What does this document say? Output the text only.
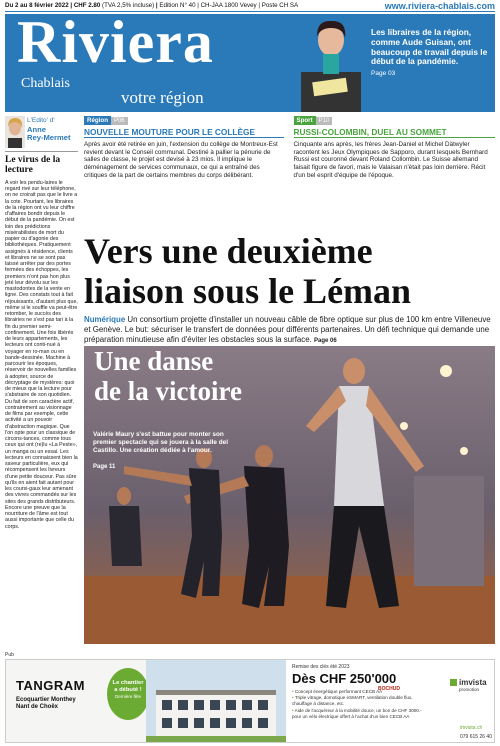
Du 2 au 8 février 2022 | CHF 2.80 (TVA 2,5% incluse) | Edition N° 40 | CH-JAA 1800 Vevey | Poste CH SA	www.riviera-chablais.com
Riviera
Chablais
votre région
Les libraires de la région, comme Aude Guisan, ont beaucoup de travail depuis le début de la pandémie.
Page 03
L'Edito' d'
Anne
Rey-Mermet
Le virus de la lecture
A voir les pendu-laires le regard rivé sur leur téléphone, on ne croirait pas que le livre a la cote. Pourtant, les libraires de la région ont vu leur chiffre d'affaires bondir depuis le début de la pandémie. On est loin des prédictions misérabilistes de mort du papier ou d'agonie des bibliothèques. Pratiquement assignés à résidence, clients et libraires ne se sont pas laissé arrêter par des portes fermées des échoppes, les premiers n'ont pas hon plus jeté leur dévolu sur les mastodontes de la vente en ligne. Des constats tout à fait réjouissants, d'autant plus que, même si le souffle va peut-être retomber, le succès des librairies ne s'est pas tari à la fin du premier semi-confinement. Une fois libérés de leurs appartements, les lecteurs ont conti-nué à voyager en ro-man ou en bande-dessinée. Machine à parcourir les époques, réservoir de nouvelles familles à adopter, source de décryptage de mystères: quoi de mieux que la lecture pour s'abstraire de son quotidien. Du fait de son caractère actif, contrairement au visionnage de films par exemple, cette activité a un pouvoir d'abstraction magique. Que l'on opte pour un classique de circons-tances, comme tous ceux qui ont (re)lu «La Peste», un manga ou un essai. Les lecteurs en connaissent bien la saveur particulière, eux qui récompensent les livreurs d'une petite douceur. Pas sûre qu'ils en aient fait autant pour les coursi-gaux leur amenant des vivres commandés sur les sites des grands distributeurs. Encore une preuve que la nourriture de l'âme est tout aussi importante que celle du corps.
Région	P06
NOUVELLE MOUTURE POUR LE COLLÈGE
Après avoir été retirée en juin, l'extension du collège de Montreux-Est revient devant le Conseil communal. Destiné à pallier la pénurie de salles de classe, le projet est devisé à 23 mios. Il implique le déménagement de services communaux, ce qui a entraîné des critiques de la part de certains membres du corps délibérant.
Sport	P10
RUSSI-COLOMBIN, DUEL AU SOMMET
Cinquante ans après, les frères Jean-Daniel et Michel Dätwyler racontent les Jeux Olympiques de Sapporo, durant lesquels Bernhard Russi est couronné devant Roland Collombin. Le Suisse allemand faisait figure de favori, mais le Valaisan n'était pas loin derrière. Récit d'un bel esprit d'équipe de l'époque.
Vers une deuxième
liaison sous le Léman
Numérique Un consortium projette d'installer un nouveau câble de fibre optique sur plus de 100 km entre Villeneuve et Genève. Le but: sécuriser le transfert de données pour différents partenaires. Un défi technique qui demande une préparation minutieuse afin d'éviter les obstacles sous la surface. Page 06
Une danse
de la victoire
Valérie Maury s'est battue pour monter son premier spectacle qui se jouera à la salle del Castillo. Une création dédiée à l'amour.
Page 11
Pub
TANGRAM
Ecoquartier Monthey
Nant de Choëx
Le chantier
a débuté !
Dernière fête
Remise des clés été 2023
Dès CHF 250'000
• Concept énergétique performant CECB AA
• Triple vitrage, domotique eSMART, ventilation double flux, chauffage à distance, etc.
• Aide de l'acquéreur à la mobilité douce, un bon de CHF 3000.- pour un vélo électrique offert à l'achat d'un bien CECB AA
BOCHUD
imvista
promotion
imvista.ch
079 615 26 40
